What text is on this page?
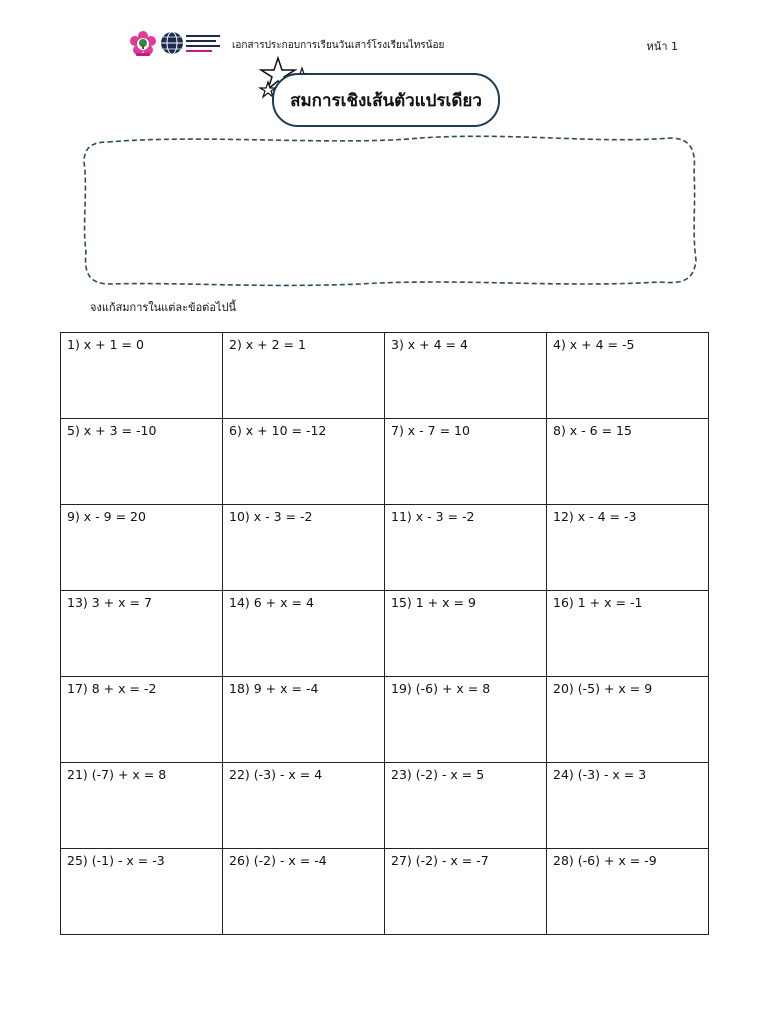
เอกสารประกอบการเรียนวันเสาร์โรงเรียนไทรน้อย	หน้า 1
สมการเชิงเส้นตัวแปรเดียว
จงแก้สมการในแต่ละข้อต่อไปนี้
1) x + 1 = 0	2) x + 2 = 1	3) x + 4 = 4	4) x + 4 = -5

5) x + 3 = -10	6) x + 10 = -12	7) x - 7 = 10	8) x - 6 = 15

9) x - 9 = 20	10) x - 3 = -2	11) x - 3 = -2	12) x - 4 = -3

13) 3 + x = 7	14) 6 + x = 4	15) 1 + x = 9	16) 1 + x = -1

17) 8 + x = -2	18) 9 + x = -4	19) (-6) + x = 8	20) (-5) + x = 9

21) (-7) + x = 8	22) (-3) - x = 4	23) (-2) - x = 5	24) (-3) - x = 3

25) (-1) - x = -3	26) (-2) - x = -4	27) (-2) - x = -7	28) (-6) + x = -9
